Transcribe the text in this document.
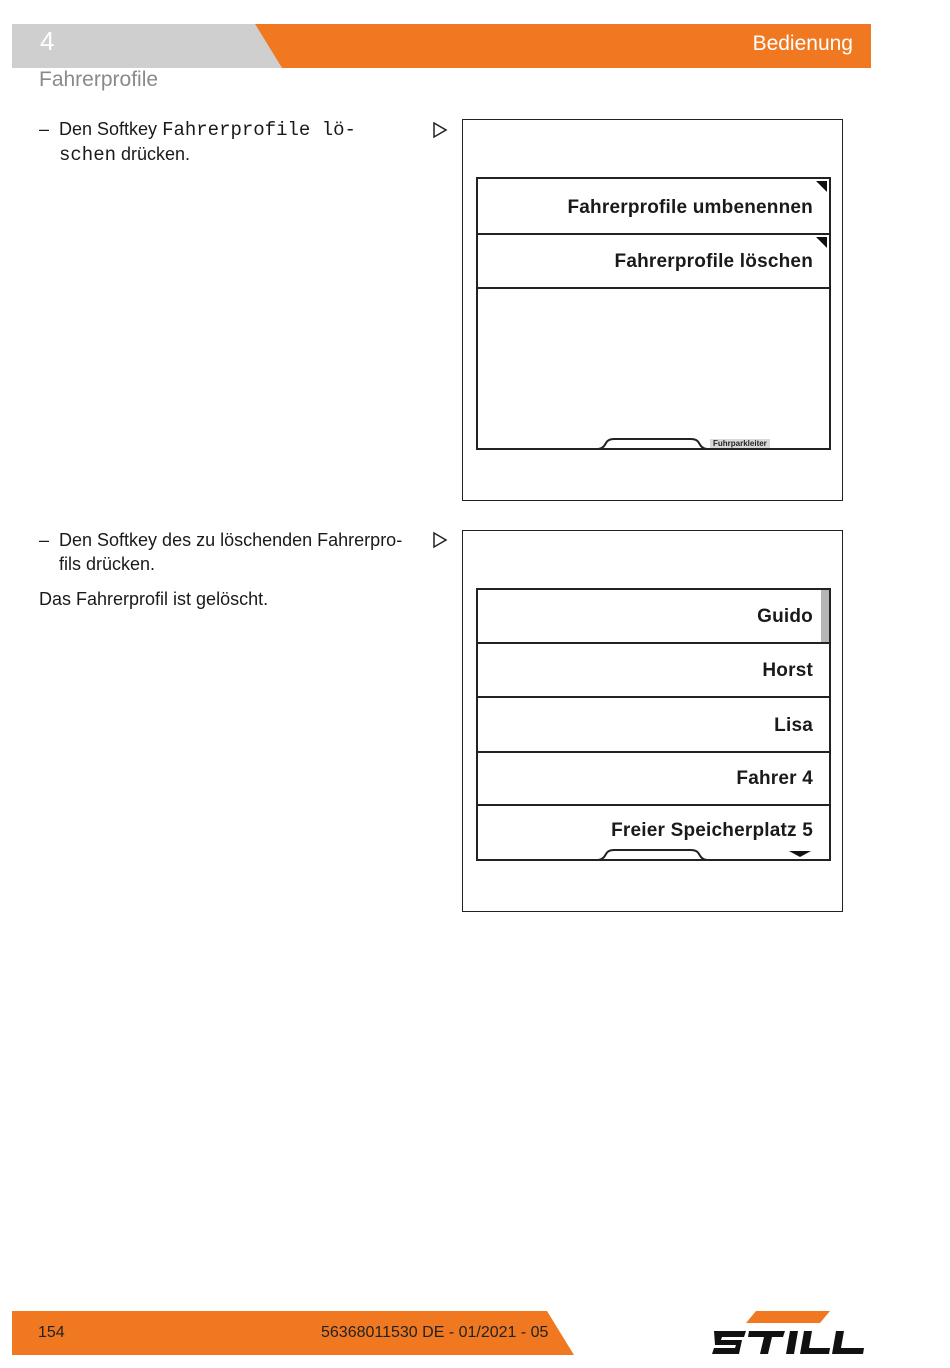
4	Bedienung
Fahrerprofile
– Den Softkey Fahrerprofile lö- schen drücken.
Fahrerprofile umbenennen
Fahrerprofile löschen
Fuhrparkleiter
– Den Softkey des zu löschenden Fahrerpro- fils drücken.
Das Fahrerprofil ist gelöscht.
Guido
Horst
Lisa
Fahrer 4
Freier Speicherplatz 5
154	56368011530 DE - 01/2021 - 05
